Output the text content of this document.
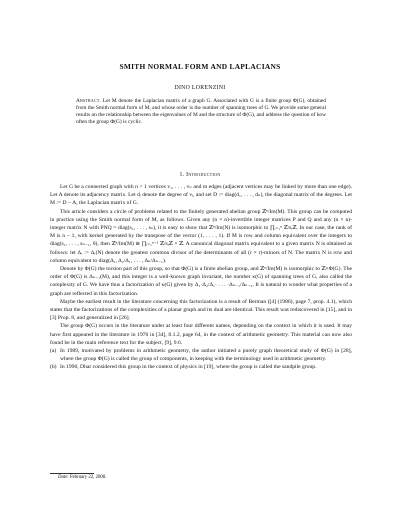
SMITH NORMAL FORM AND LAPLACIANS
DINO LORENZINI
Abstract. Let M denote the Laplacian matrix of a graph G. Associated with G is a finite group Φ(G), obtained from the Smith normal form of M, and whose order is the number of spanning trees of G. We provide some general results on the relationship between the eigenvalues of M and the structure of Φ(G), and address the question of how often the group Φ(G) is cyclic.
1. Introduction

Let G be a connected graph with n > 1 vertices v₁, . . . , vₙ and m edges (adjacent vertices may be linked by more than one edge). Let A denote its adjacency matrix. Let dᵢ denote the degree of vᵢ, and set D := diag(d₁, . . . , dₙ), the diagonal matrix of the degrees. Let M := D − A, the Laplacian matrix of G.

This article considers a circle of problems related to the finitely generated abelian group ℤⁿ/Im(M). This group can be computed in practice using the Smith normal form of M, as follows. Given any (n × n)-invertible integer matrices P and Q and any (n × n)-integer matrix N with PNQ = diag(s₁, . . . , sₙ), it is easy to show that ℤⁿ/Im(N) is isomorphic to ∏ᵢ₌₁ⁿ ℤ/sᵢℤ. In our case, the rank of M is n − 1, with kernel generated by the transpose of the vector (1, . . . , 1). If M is row and column equivalent over the integers to diag(s₁, . . . , sₙ₋₁, 0), then ℤⁿ/Im(M) ≅ ∏ᵢ₌₁ⁿ⁻¹ ℤ/sᵢℤ × ℤ. A canonical diagonal matrix equivalent to a given matrix N is obtained as follows: let Δᵣ := Δᵣ(N) denote the greatest common divisor of the determinants of all (r × r)-minors of N. The matrix N is row and column equivalent to diag(Δ₁, Δ₂/Δ₁, . . . , Δₙ/Δₙ₋₁).

Denote by Φ(G) the torsion part of this group, so that Φ(G) is a finite abelian group, and ℤⁿ/Im(M) is isomorphic to ℤ×Φ(G). The order of Φ(G) is Δₙ₋₁(M), and this integer is a well-known graph invariant, the number κ(G) of spanning trees of G, also called the complexity of G. We have thus a factorization of κ(G) given by Δ₁·Δ₂/Δ₁· . . . ·Δₙ₋₁/Δₙ₋₂. It is natural to wonder what properties of a graph are reflected in this factorization.

Maybe the earliest result in the literature concerning this factorization is a result of Berman ([4] (1986), page 7, prop. 4.1), which states that the factorizations of the complexities of a planar graph and its dual are identical. This result was rediscovered in [15], and in [3] Prop. 8, and generalized in [26].

The group Φ(G) occurs in the literature under at least four different names, depending on the context in which it is used. It may have first appeared in the literature in 1970 in [34], 8.1.2, page 64, in the context of arithmetic geometry. This material can now also found be in the main reference text for the subject, [9], 9.6.

(a) In 1989, motivated by problems in arithmetic geometry, the author initiated a purely graph theoretical study of Φ(G) in [28], where the group Φ(G) is called the group of components, in keeping with the terminology used in arithmetic geometry.

(b) In 1990, Dhar considered this group in the context of physics in [19], where the group is called the sandpile group.

Date: February 22, 2008.
